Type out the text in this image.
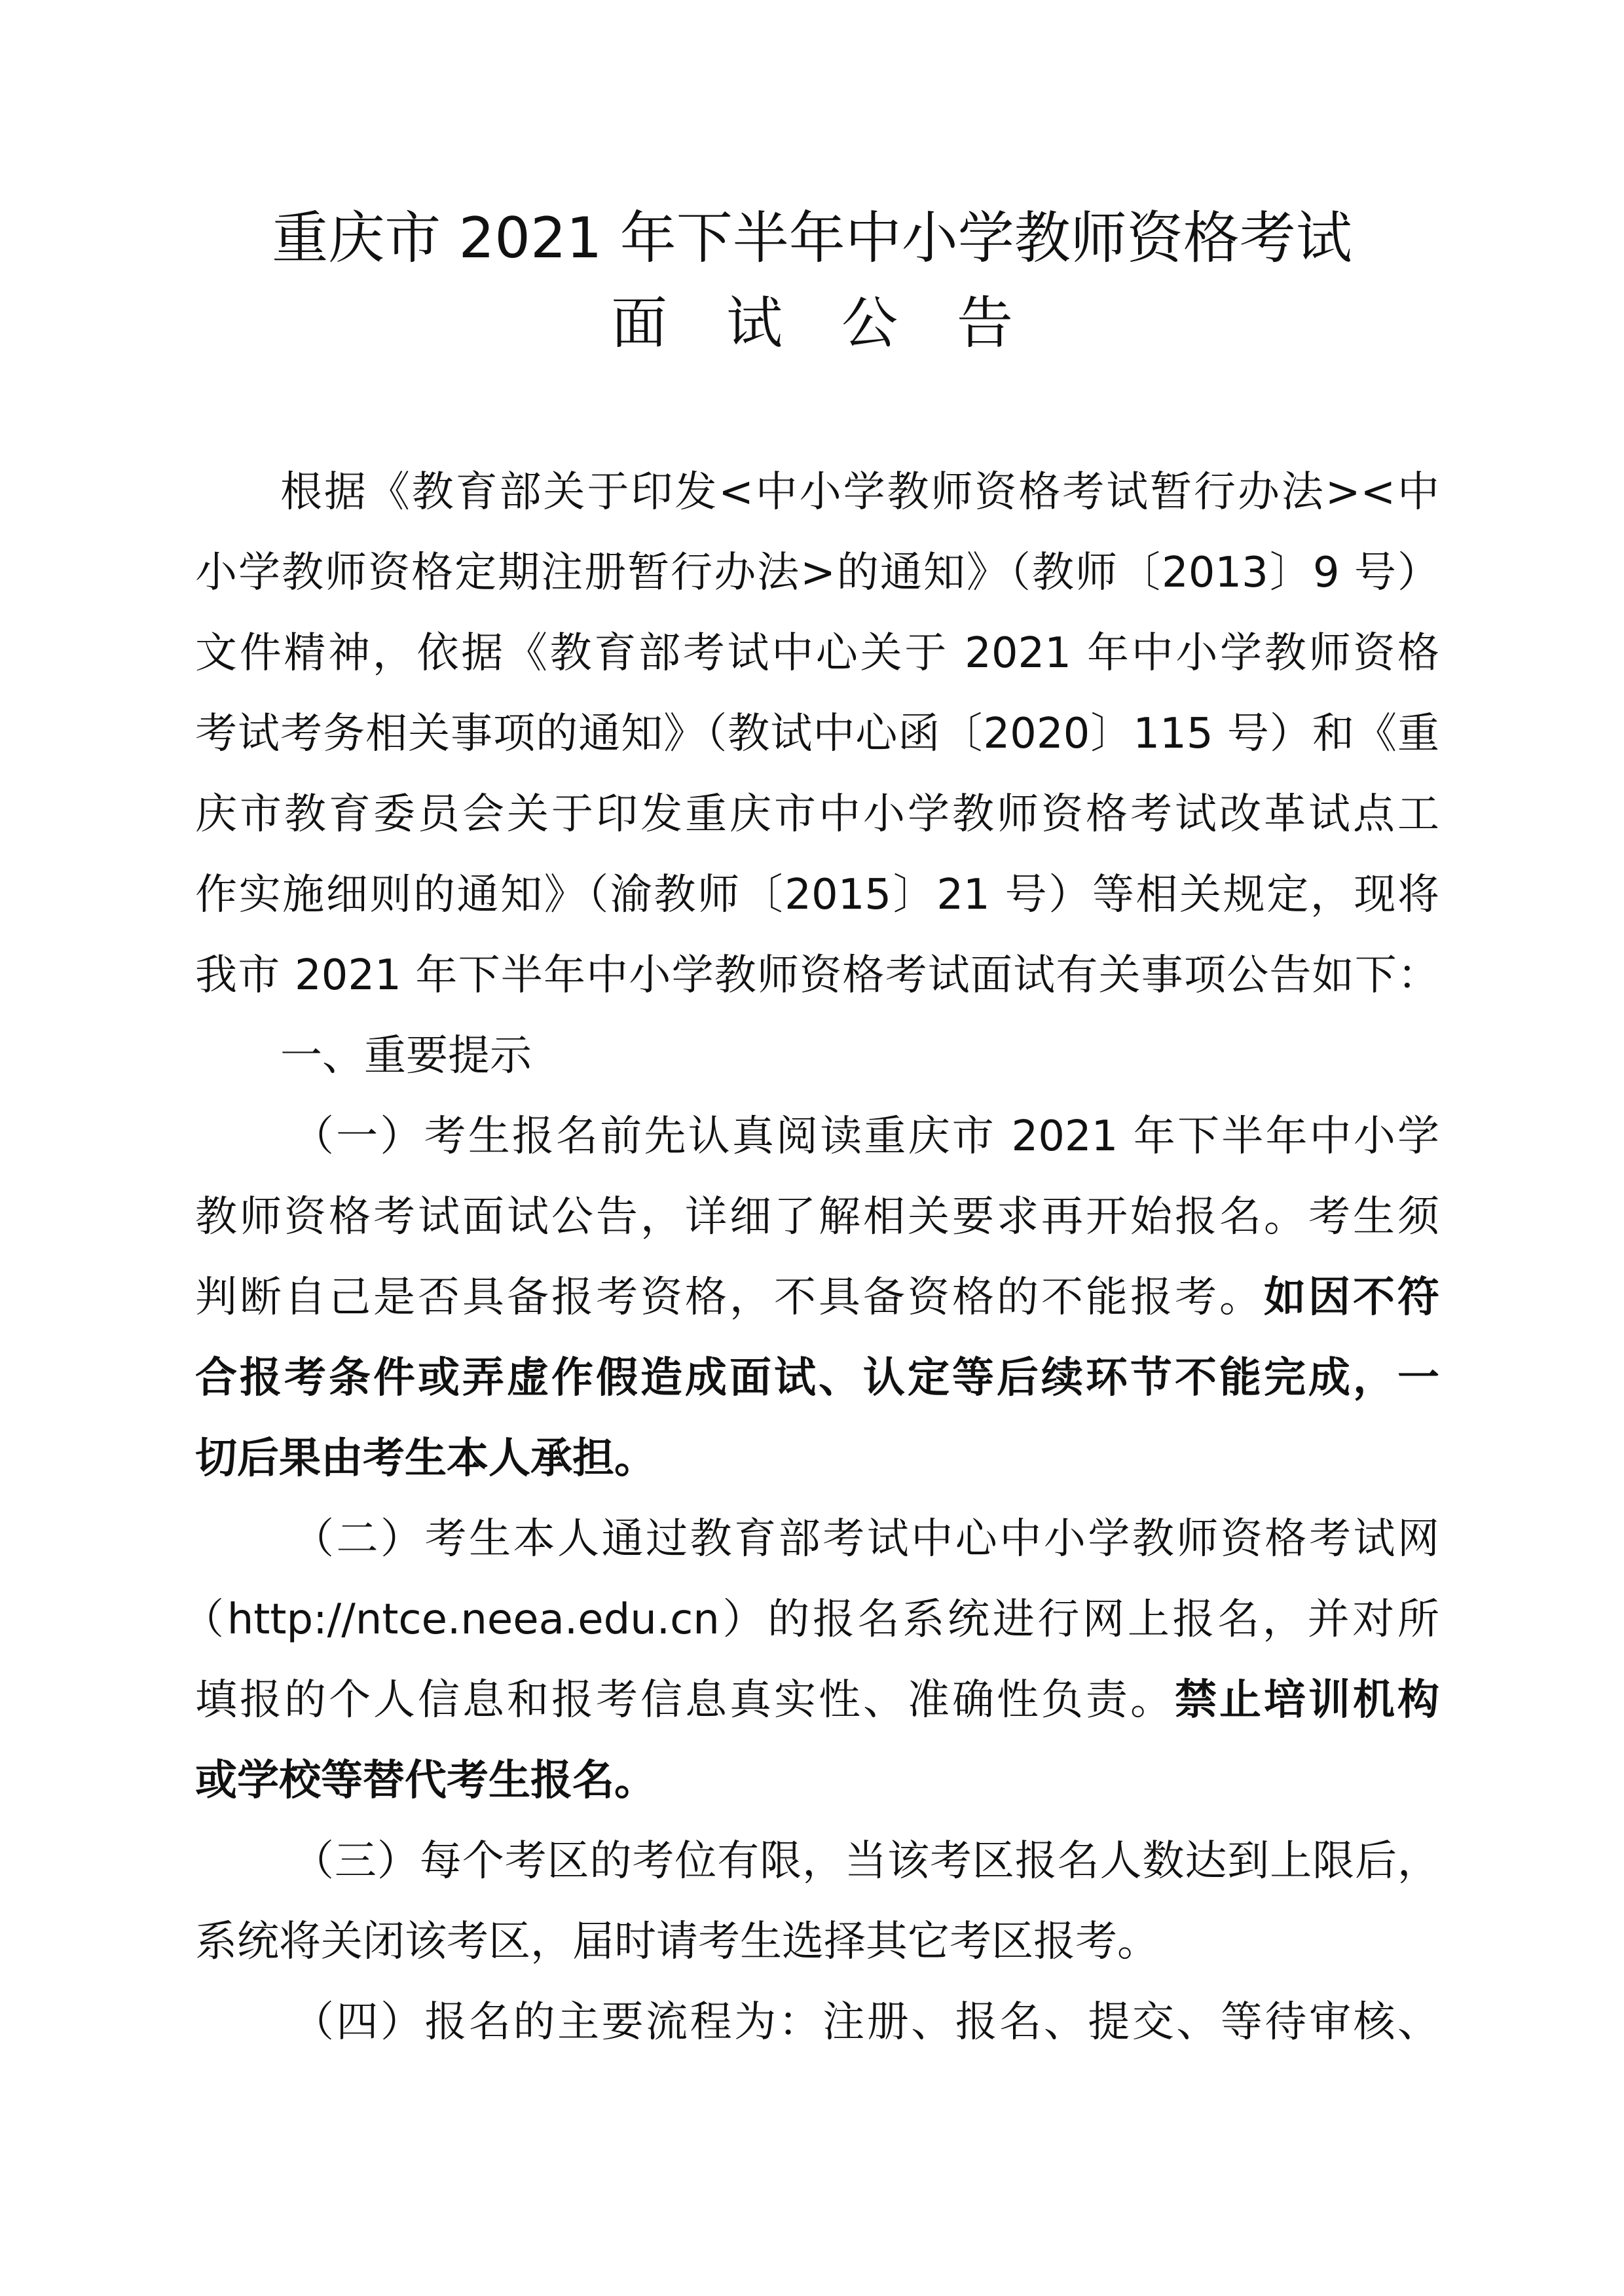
重庆市 2021 年下半年中小学教师资格考试
面 试 公 告
根据《教育部关于印发<中小学教师资格考试暂行办法><中
小学教师资格定期注册暂行办法>的通知》（教师〔2013〕9 号）
文件精神，依据《教育部考试中心关于 2021 年中小学教师资格
考试考务相关事项的通知》（教试中心函〔2020〕115 号）和《重
庆市教育委员会关于印发重庆市中小学教师资格考试改革试点工
作实施细则的通知》（渝教师〔2015〕21 号）等相关规定，现将
我市 2021 年下半年中小学教师资格考试面试有关事项公告如下：
一、重要提示
（一）考生报名前先认真阅读重庆市 2021 年下半年中小学
教师资格考试面试公告，详细了解相关要求再开始报名。考生须
判断自己是否具备报考资格，不具备资格的不能报考。如因不符
合报考条件或弄虚作假造成面试、认定等后续环节不能完成，一
切后果由考生本人承担。
（二）考生本人通过教育部考试中心中小学教师资格考试网
（http://ntce.neea.edu.cn）的报名系统进行网上报名，并对所
填报的个人信息和报考信息真实性、准确性负责。禁止培训机构
或学校等替代考生报名。
（三）每个考区的考位有限，当该考区报名人数达到上限后，
系统将关闭该考区，届时请考生选择其它考区报考。
（四）报名的主要流程为：注册、报名、提交、等待审核、
